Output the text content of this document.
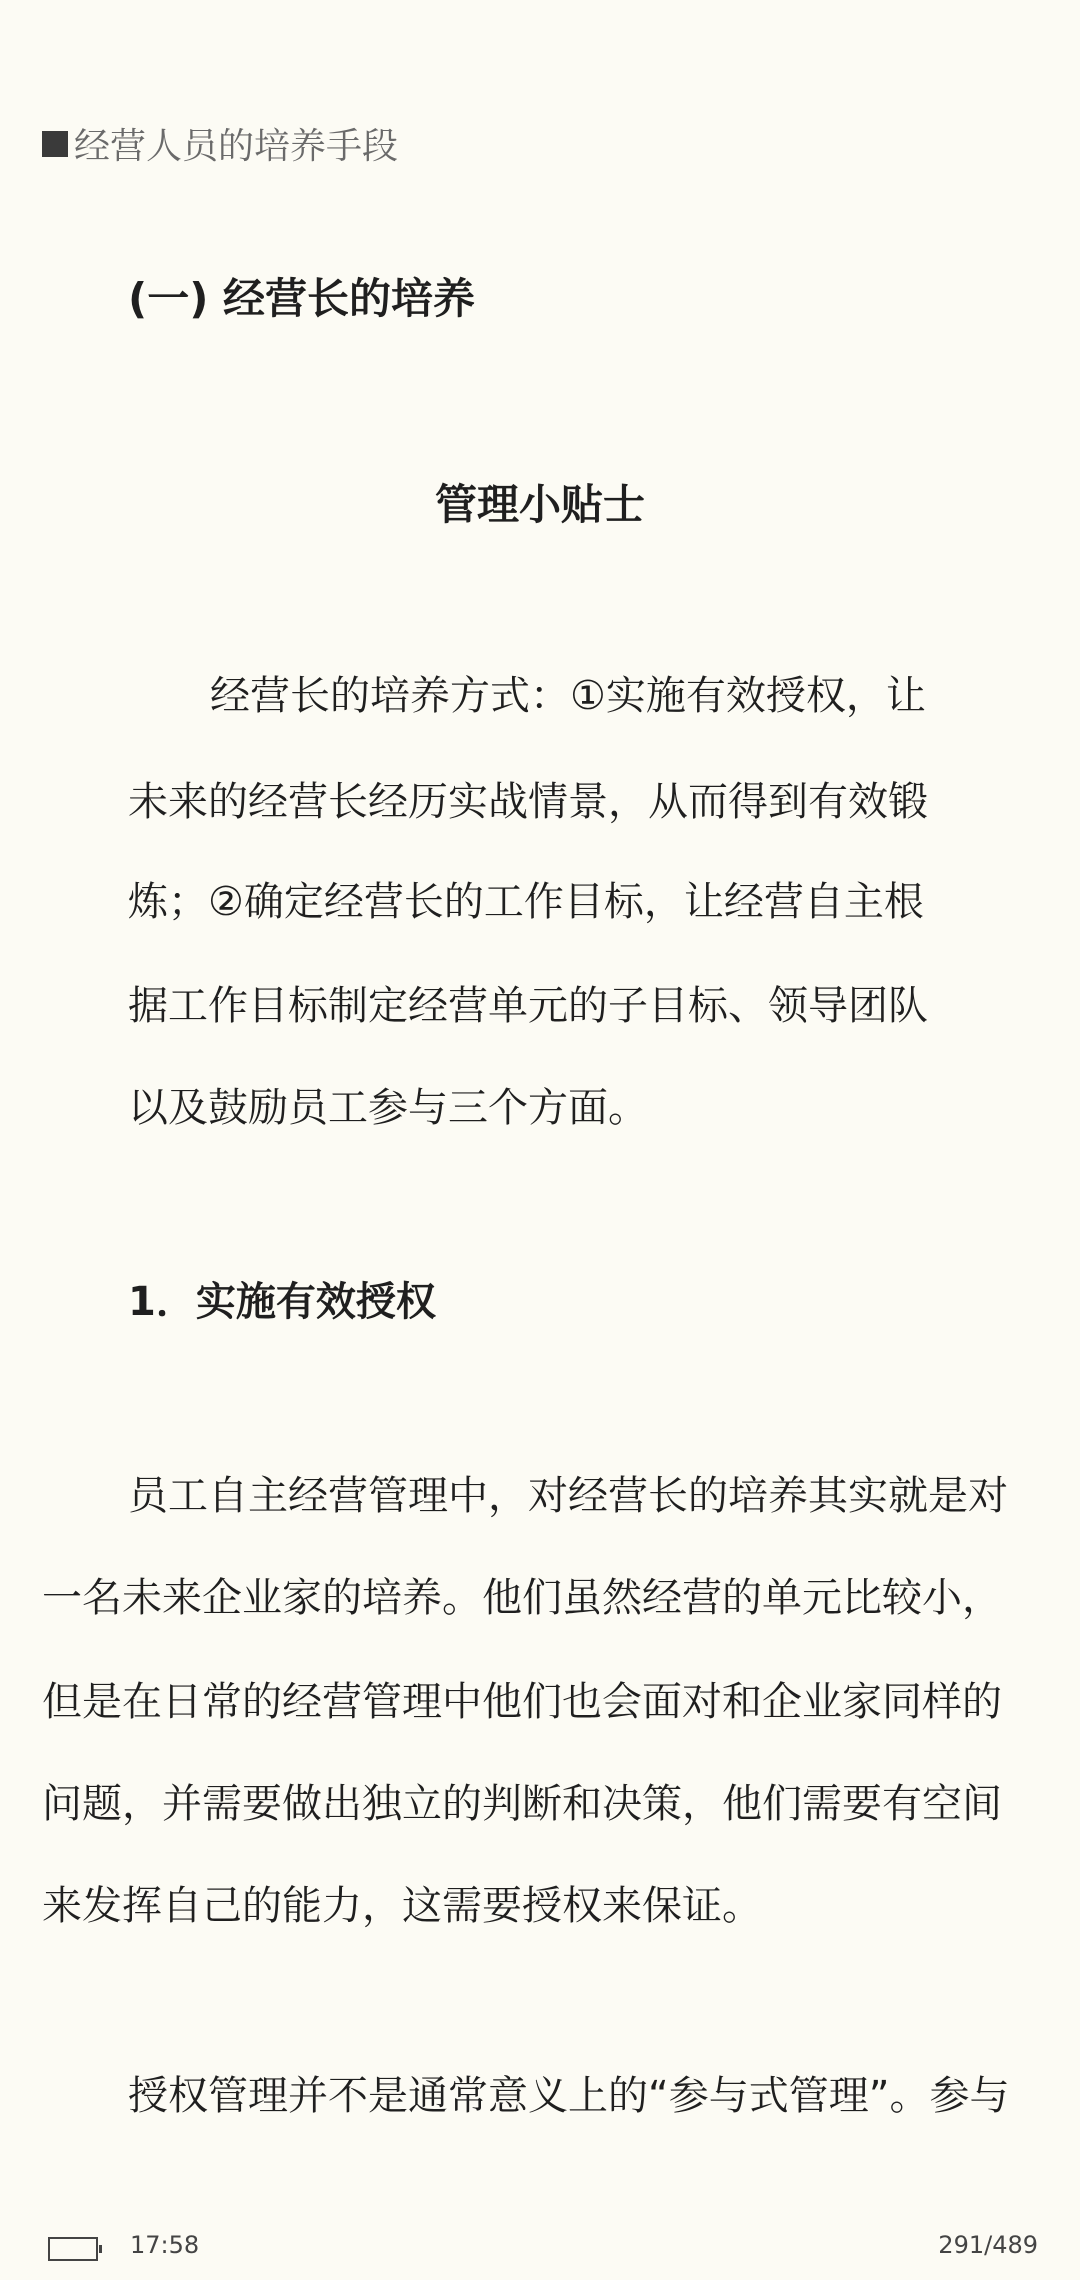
经营人员的培养手段
(一) 经营长的培养
管理小贴士
经营长的培养方式：①实施有效授权，让
未来的经营长经历实战情景，从而得到有效锻
炼；②确定经营长的工作目标，让经营自主根
据工作目标制定经营单元的子目标、领导团队
以及鼓励员工参与三个方面。
1．实施有效授权
员工自主经营管理中，对经营长的培养其实就是对
一名未来企业家的培养。他们虽然经营的单元比较小，
但是在日常的经营管理中他们也会面对和企业家同样的
问题，并需要做出独立的判断和决策，他们需要有空间
来发挥自己的能力，这需要授权来保证。
授权管理并不是通常意义上的“参与式管理”。参与
17:58	291/489
